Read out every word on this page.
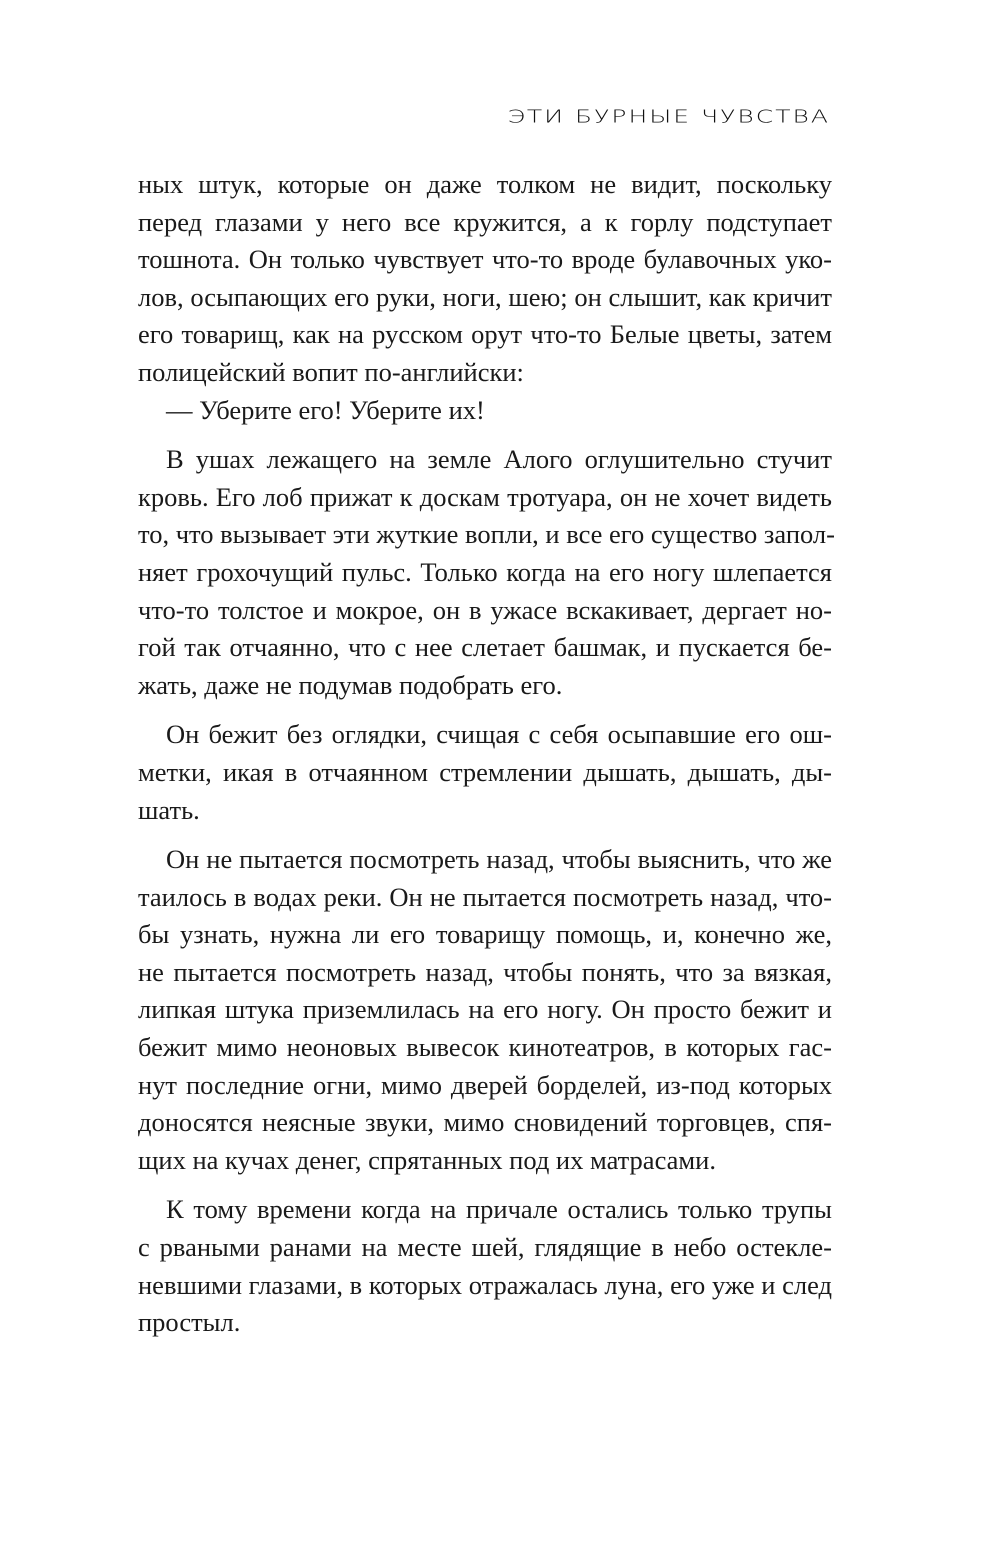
ЭТИ БУРНЫЕ ЧУВСТВА
ных штук, которые он даже толком не видит, поскольку
перед глазами у него все кружится, а к горлу подступает
тошнота. Он только чувствует что-то вроде булавочных уко-
лов, осыпающих его руки, ноги, шею; он слышит, как кричит
его товарищ, как на русском орут что-то Белые цветы, затем
полицейский вопит по-английски:
— Уберите его! Уберите их!
В ушах лежащего на земле Алого оглушительно стучит
кровь. Его лоб прижат к доскам тротуара, он не хочет видеть
то, что вызывает эти жуткие вопли, и все его существо запол-
няет грохочущий пульс. Только когда на его ногу шлепается
что-то толстое и мокрое, он в ужасе вскакивает, дергает но-
гой так отчаянно, что с нее слетает башмак, и пускается бе-
жать, даже не подумав подобрать его.
Он бежит без оглядки, счищая с себя осыпавшие его ош-
метки, икая в отчаянном стремлении дышать, дышать, ды-
шать.
Он не пытается посмотреть назад, чтобы выяснить, что же
таилось в водах реки. Он не пытается посмотреть назад, что-
бы узнать, нужна ли его товарищу помощь, и, конечно же,
не пытается посмотреть назад, чтобы понять, что за вязкая,
липкая штука приземлилась на его ногу. Он просто бежит и
бежит мимо неоновых вывесок кинотеатров, в которых гас-
нут последние огни, мимо дверей борделей, из-под которых
доносятся неясные звуки, мимо сновидений торговцев, спя-
щих на кучах денег, спрятанных под их матрасами.
К тому времени когда на причале остались только трупы
с рваными ранами на месте шей, глядящие в небо остекле-
невшими глазами, в которых отражалась луна, его уже и след
простыл.
